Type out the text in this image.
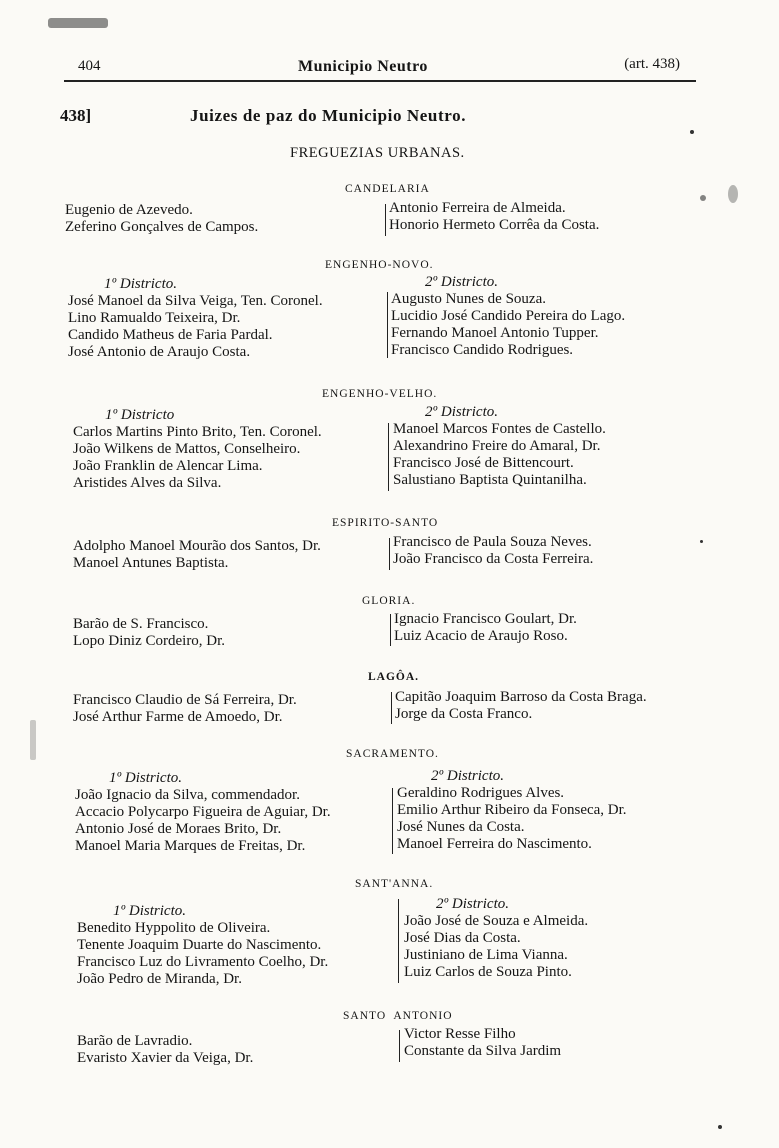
404	Municipio Neutro	(art. 438)
438]	Juizes de paz do Municipio Neutro.
FREGUEZIAS URBANAS.
CANDELARIA
Eugenio de Azevedo.
Zeferino Gonçalves de Campos.
Antonio Ferreira de Almeida.
Honorio Hermeto Corrêa da Costa.
ENGENHO-NOVO.
1º Districto.
José Manoel da Silva Veiga, Ten. Coronel.
Lino Ramualdo Teixeira, Dr.
Candido Matheus de Faria Pardal.
José Antonio de Araujo Costa.
2º Districto.
Augusto Nunes de Souza.
Lucidio José Candido Pereira do Lago.
Fernando Manoel Antonio Tupper.
Francisco Candido Rodrigues.
ENGENHO-VELHO.
1º Districto
Carlos Martins Pinto Brito, Ten. Coronel.
João Wilkens de Mattos, Conselheiro.
João Franklin de Alencar Lima.
Aristides Alves da Silva.
2º Districto.
Manoel Marcos Fontes de Castello.
Alexandrino Freire do Amaral, Dr.
Francisco José de Bittencourt.
Salustiano Baptista Quintanilha.
ESPIRITO-SANTO
Adolpho Manoel Mourão dos Santos, Dr.
Manoel Antunes Baptista.
Francisco de Paula Souza Neves.
João Francisco da Costa Ferreira.
GLORIA.
Barão de S. Francisco.
Lopo Diniz Cordeiro, Dr.
Ignacio Francisco Goulart, Dr.
Luiz Acacio de Araujo Roso.
LAGÔA.
Francisco Claudio de Sá Ferreira, Dr.
José Arthur Farme de Amoedo, Dr.
Capitão Joaquim Barroso da Costa Braga.
Jorge da Costa Franco.
SACRAMENTO.
1º Districto.
João Ignacio da Silva, commendador.
Accacio Polycarpo Figueira de Aguiar, Dr.
Antonio José de Moraes Brito, Dr.
Manoel Maria Marques de Freitas, Dr.
2º Districto.
Geraldino Rodrigues Alves.
Emilio Arthur Ribeiro da Fonseca, Dr.
José Nunes da Costa.
Manoel Ferreira do Nascimento.
SANT'ANNA.
1º Districto.
Benedito Hyppolito de Oliveira.
Tenente Joaquim Duarte do Nascimento.
Francisco Luz do Livramento Coelho, Dr.
João Pedro de Miranda, Dr.
2º Districto.
João José de Souza e Almeida.
José Dias da Costa.
Justiniano de Lima Vianna.
Luiz Carlos de Souza Pinto.
SANTO ANTONIO
Barão de Lavradio.
Evaristo Xavier da Veiga, Dr.
Victor Resse Filho
Constante da Silva Jardim
